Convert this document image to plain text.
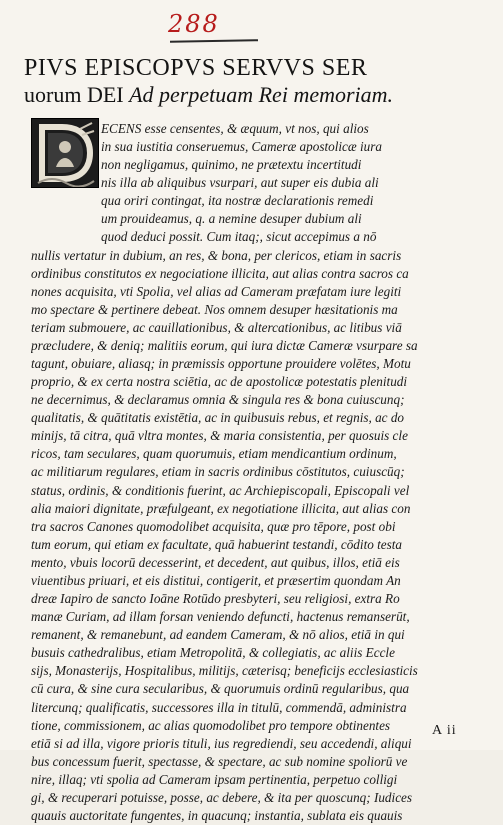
288
PIVS EPISCOPVS SERVVS SER
uorum DEI Ad perpetuam Rei memoriam.
ECENS esse censentes, & æquum, vt nos, qui alios
in sua iustitia conseruemus, Cameræ apostolicæ iura
non negligamus, quinimo, ne prætextu incertitudi
nis illa ab aliquibus vsurpari, aut super eis dubia ali
qua oriri contingat, ita nostræ declarationis remedi
um prouideamus, q. a nemine desuper dubium ali
quod deduci possit. Cum itaq;, sicut accepimus a nō
nullis vertatur in dubium, an res, & bona, per clericos, etiam in sacris
ordinibus constitutos ex negociatione illicita, aut alias contra sacros ca
nones acquisita, vti Spolia, vel alias ad Cameram præfatam iure legiti
mo spectare & pertinere debeat. Nos omnem desuper hæsitationis ma
teriam submouere, ac cauillationibus, & altercationibus, ac litibus viā
præcludere, & deniq; malitiis eorum, qui iura dictæ Cameræ vsurpare sa
tagunt, obuiare, aliasq; in præmissis opportune prouidere volētes, Motu
proprio, & ex certa nostra sciētia, ac de apostolicæ potestatis plenitudi
ne decernimus, & declaramus omnia & singula res & bona cuiuscunq;
qualitatis, & quātitatis existētia, ac in quibusuis rebus, et regnis, ac do
minijs, tā citra, quā vltra montes, & maria consistentia, per quosuis cle
ricos, tam seculares, quam quorumuis, etiam mendicantium ordinum,
ac militiarum regulares, etiam in sacris ordinibus cōstitutos, cuiuscūq;
status, ordinis, & conditionis fuerint, ac Archiepiscopali, Episcopali vel
alia maiori dignitate, præfulgeant, ex negotiatione illicita, aut alias con
tra sacros Canones quomodolibet acquisita, quæ pro tēpore, post obi
tum eorum, qui etiam ex facultate, quā habuerint testandi, cōdito testa
mento, vbuis locorū decesserint, et decedent, aut quibus, illos, etiā eis
viuentibus priuari, et eis distitui, contigerit, et præsertim quondam An
dreæ Iapiro de sancto Ioāne Rotūdo presbyteri, seu religiosi, extra Ro
manæ Curiam, ad illam forsan veniendo defuncti, hactenus remanserūt,
remanent, & remanebunt, ad eandem Cameram, & nō alios, etiā in qui
busuis cathedralibus, etiam Metropolitā, & collegiatis, ac aliis Eccle
sijs, Monasterijs, Hospitalibus, militijs, cæterisq; beneficijs ecclesiasticis
cū cura, & sine cura secularibus, & quorumuis ordinū regularibus, qua
litercunq; qualificatis, successores illa in titulū, commendā, administra
tione, commissionem, ac alias quomodolibet pro tempore obtinentes
etiā si ad illa, vigore prioris tituli, ius regrediendi, seu accedendi, aliqui
bus concessum fuerit, spectasse, & spectare, ac sub nomine spoliorū ve
nire, illaq; vti spolia ad Cameram ipsam pertinentia, perpetuo colligi
gi, & recuperari potuisse, posse, ac debere, & ita per quoscunq; Iudices
quauis auctoritate fungentes, in quacunq; instantia, sublata eis quauis
A ii
